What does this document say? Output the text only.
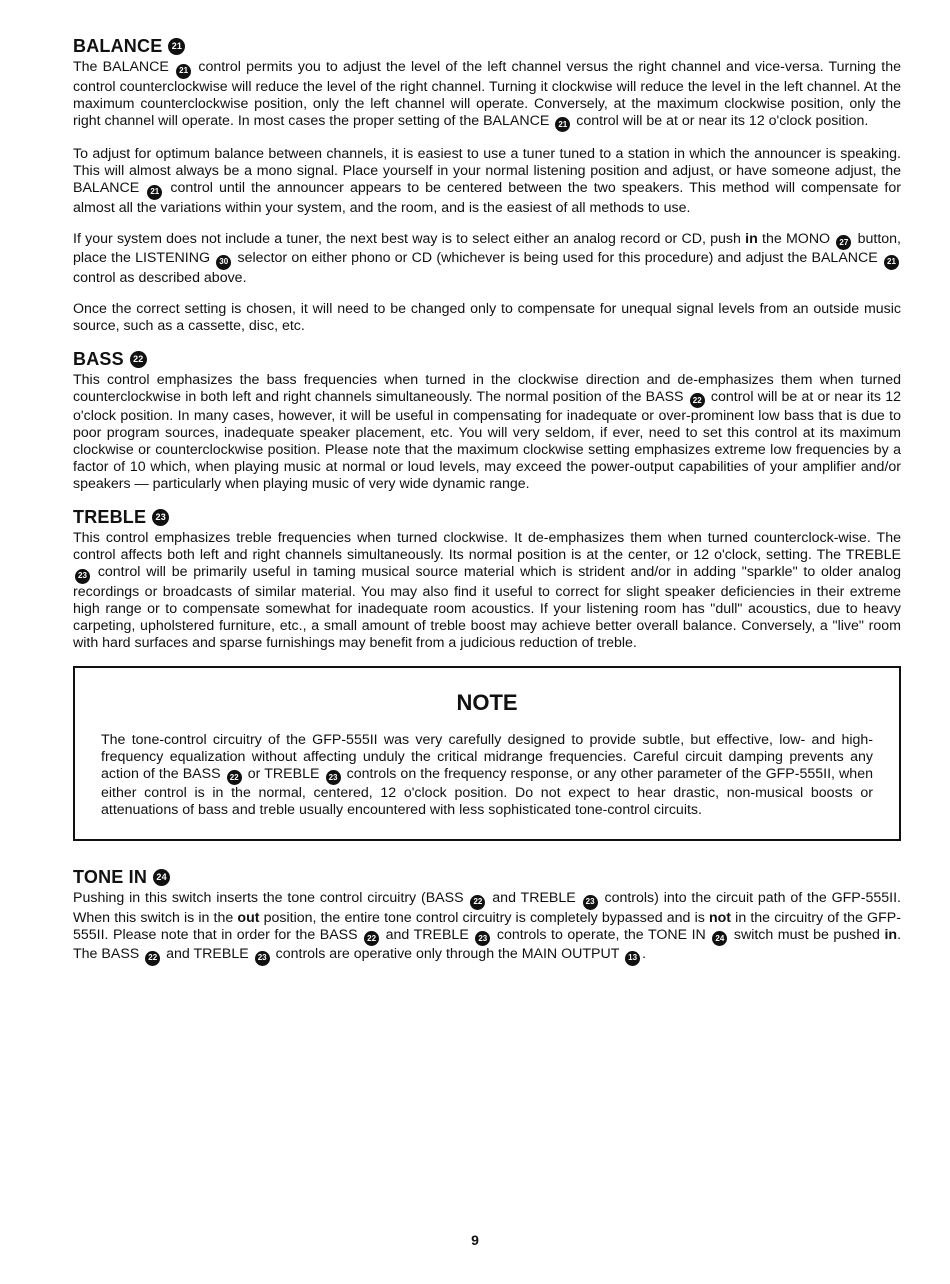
BALANCE	21

The BALANCE 21 control permits you to adjust the level of the left channel versus the right channel and vice-versa. Turning the control counterclockwise will reduce the level of the right channel. Turning it clockwise will reduce the level in the left channel. At the maximum counterclockwise position, only the left channel will operate. Conversely, at the maximum clockwise position, only the right channel will operate. In most cases the proper setting of the BALANCE 21 control will be at or near its 12 o'clock position.

To adjust for optimum balance between channels, it is easiest to use a tuner tuned to a station in which the announcer is speaking. This will almost always be a mono signal. Place yourself in your normal listening position and adjust, or have someone adjust, the BALANCE 21 control until the announcer appears to be centered between the two speakers. This method will compensate for almost all the variations within your system, and the room, and is the easiest of all methods to use.

If your system does not include a tuner, the next best way is to select either an analog record or CD, push in the MONO 27 button, place the LISTENING 30 selector on either phono or CD (whichever is being used for this procedure) and adjust the BALANCE 21 control as described above.

Once the correct setting is chosen, it will need to be changed only to compensate for unequal signal levels from an outside music source, such as a cassette, disc, etc.

BASS	22

This control emphasizes the bass frequencies when turned in the clockwise direction and de-emphasizes them when turned counterclockwise in both left and right channels simultaneously. The normal position of the BASS 22 control will be at or near its 12 o'clock position. In many cases, however, it will be useful in compensating for inadequate or over-prominent low bass that is due to poor program sources, inadequate speaker placement, etc. You will very seldom, if ever, need to set this control at its maximum clockwise or counterclockwise position. Please note that the maximum clockwise setting emphasizes extreme low frequencies by a factor of 10 which, when playing music at normal or loud levels, may exceed the power-output capabilities of your amplifier and/or speakers — particularly when playing music of very wide dynamic range.

TREBLE	23

This control emphasizes treble frequencies when turned clockwise. It de-emphasizes them when turned counterclock-wise. The control affects both left and right channels simultaneously. Its normal position is at the center, or 12 o'clock, setting. The TREBLE 23 control will be primarily useful in taming musical source material which is strident and/or in adding "sparkle" to older analog recordings or broadcasts of similar material. You may also find it useful to correct for slight speaker deficiencies in their extreme high range or to compensate somewhat for inadequate room acoustics. If your listening room has "dull" acoustics, due to heavy carpeting, upholstered furniture, etc., a small amount of treble boost may achieve better overall balance. Conversely, a "live" room with hard surfaces and sparse furnishings may benefit from a judicious reduction of treble.

NOTE

The tone-control circuitry of the GFP-555II was very carefully designed to provide subtle, but effective, low- and high-frequency equalization without affecting unduly the critical midrange frequencies. Careful circuit damping prevents any action of the BASS 22 or TREBLE 23 controls on the frequency response, or any other parameter of the GFP-555II, when either control is in the normal, centered, 12 o'clock position. Do not expect to hear drastic, non-musical boosts or attenuations of bass and treble usually encountered with less sophisticated tone-control circuits.

TONE IN	24

Pushing in this switch inserts the tone control circuitry (BASS 22 and TREBLE 23 controls) into the circuit path of the GFP-555II. When this switch is in the out position, the entire tone control circuitry is completely bypassed and is not in the circuitry of the GFP-555II. Please note that in order for the BASS 22 and TREBLE 23 controls to operate, the TONE IN 24 switch must be pushed in. The BASS 22 and TREBLE 23 controls are operative only through the MAIN OUTPUT 13 .

9
